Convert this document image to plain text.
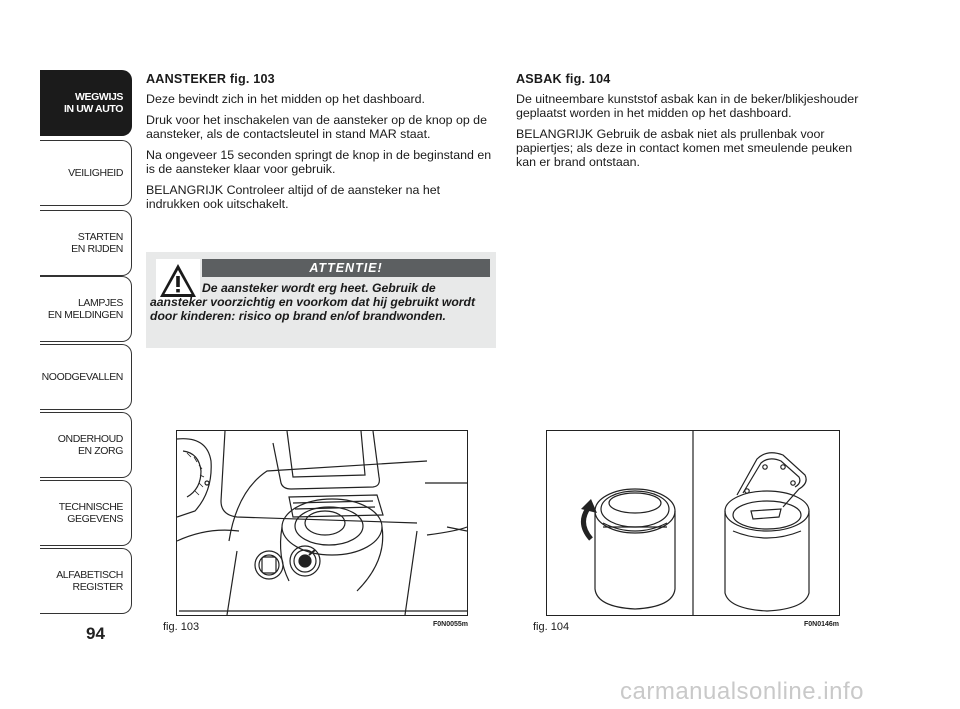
WEGWIJS
IN UW AUTO
VEILIGHEID
STARTEN
EN RIJDEN
LAMPJES
EN MELDINGEN
NOODGEVALLEN
ONDERHOUD
EN ZORG
TECHNISCHE
GEGEVENS
ALFABETISCH
REGISTER
94
AANSTEKER fig. 103

Deze bevindt zich in het midden op het dashboard.

Druk voor het inschakelen van de aansteker op de knop op de aansteker, als de contactsleutel in stand MAR staat.

Na ongeveer 15 seconden springt de knop in de beginstand en is de aansteker klaar voor gebruik.

BELANGRIJK Controleer altijd of de aansteker na het indrukken ook uitschakelt.

ATTENTIE!
De aansteker wordt erg heet. Gebruik de aansteker voorzichtig en voorkom dat hij gebruikt wordt door kinderen: risico op brand en/of brandwonden.
ASBAK fig. 104

De uitneembare kunststof asbak kan in de beker/blikjeshouder geplaatst worden in het midden op het dashboard.

BELANGRIJK Gebruik de asbak niet als prullenbak voor papiertjes; als deze in contact komen met smeulende peuken kan er brand ontstaan.

fig. 103	F0N0055m	fig. 104	F0N0146m
carmanualsonline.info
